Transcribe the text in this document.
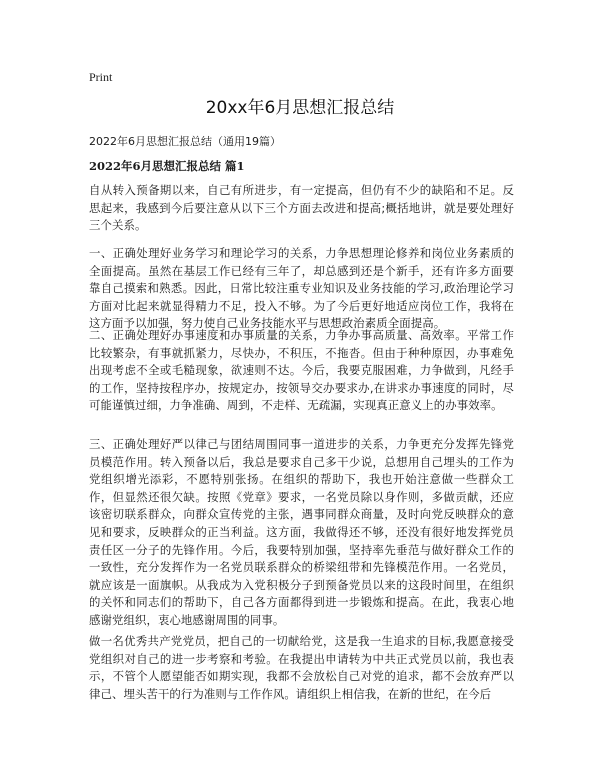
Print
20xx年6月思想汇报总结
2022年6月思想汇报总结（通用19篇）
2022年6月思想汇报总结 篇1

自从转入预备期以来，自己有所进步，有一定提高，但仍有不少的缺陷和不足。反思起来，我感到今后要注意从以下三个方面去改进和提高;概括地讲，就是要处理好三个关系。

一、正确处理好业务学习和理论学习的关系，力争思想理论修养和岗位业务素质的全面提高。虽然在基层工作已经有三年了，却总感到还是个新手，还有许多方面要靠自己摸索和熟悉。因此，日常比较注重专业知识及业务技能的学习,政治理论学习方面对比起来就显得精力不足，投入不够。为了今后更好地适应岗位工作，我将在这方面予以加强，努力使自己业务技能水平与思想政治素质全面提高。

二、正确处理好办事速度和办事质量的关系，力争办事高质量、高效率。平常工作比较繁杂，有事就抓紧力，尽快办，不积压，不拖沓。但由于种种原因，办事难免出现考虑不全或毛糙现象，欲速则不达。今后，我要克服困难，力争做到，凡经手的工作，坚持按程序办，按规定办，按领导交办要求办,在讲求办事速度的同时，尽可能谨慎过细，力争准确、周到，不走样、无疏漏，实现真正意义上的办事效率。

三、正确处理好严以律己与团结周围同事一道进步的关系，力争更充分发挥先锋党员模范作用。转入预备以后，我总是要求自己多干少说，总想用自己埋头的工作为党组织增光添彩，不愿特别张扬。在组织的帮助下，我也开始注意做一些群众工作，但显然还很欠缺。按照《党章》要求，一名党员除以身作则，多做贡献，还应该密切联系群众，向群众宣传党的主张，遇事同群众商量，及时向党反映群众的意见和要求，反映群众的正当利益。这方面，我做得还不够，还没有很好地发挥党员责任区一分子的先锋作用。今后，我要特别加强，坚持率先垂范与做好群众工作的一致性，充分发挥作为一名党员联系群众的桥梁纽带和先锋模范作用。一名党员，就应该是一面旗帜。从我成为入党积极分子到预备党员以来的这段时间里，在组织的关怀和同志们的帮助下，自己各方面都得到进一步锻炼和提高。在此，我衷心地感谢党组织，衷心地感谢周围的同事。

做一名优秀共产党党员，把自己的一切献给党，这是我一生追求的目标,我愿意接受党组织对自己的进一步考察和考验。在我提出申请转为中共正式党员以前，我也表示，不管个人愿望能否如期实现，我都不会放松自己对党的追求，都不会放弃严以律己、埋头苦干的行为准则与工作作风。请组织上相信我，在新的世纪，在今后
